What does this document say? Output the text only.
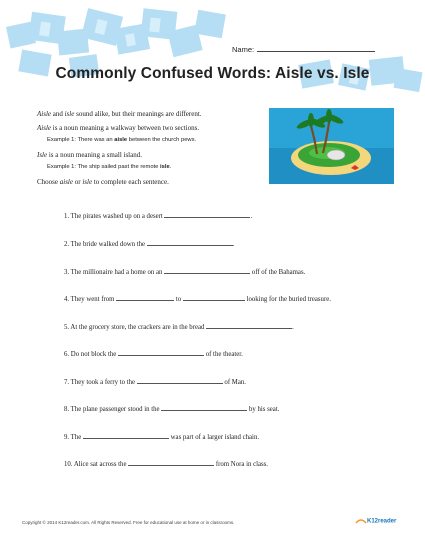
Name:
Commonly Confused Words: Aisle vs. Isle

Aisle and isle sound alike, but their meanings are different.

Aisle is a noun meaning a walkway between two sections.

Example 1: There was an aisle between the church pews.

Isle is a noun meaning a small island.

Example 1: The ship sailed past the remote isle.

Choose aisle or isle to complete each sentence.

1. The pirates washed up on a desert	.
2. The bride walked down the	.
3. The millionaire had a home on an	off of the Bahamas.
4. They went from	to	looking for the buried treasure.
5. At the grocery store, the crackers are in the bread	.
6. Do not block the	of the theater.
7. They took a ferry to the	of Man.
8. The plane passenger stood in the	by his seat.
9. The	was part of a larger island chain.
10. Alice sat across the	from Nora in class.
Copyright © 2014 K12reader.com. All Rights Reserved. Free for educational use at home or in classrooms.	K12reader
